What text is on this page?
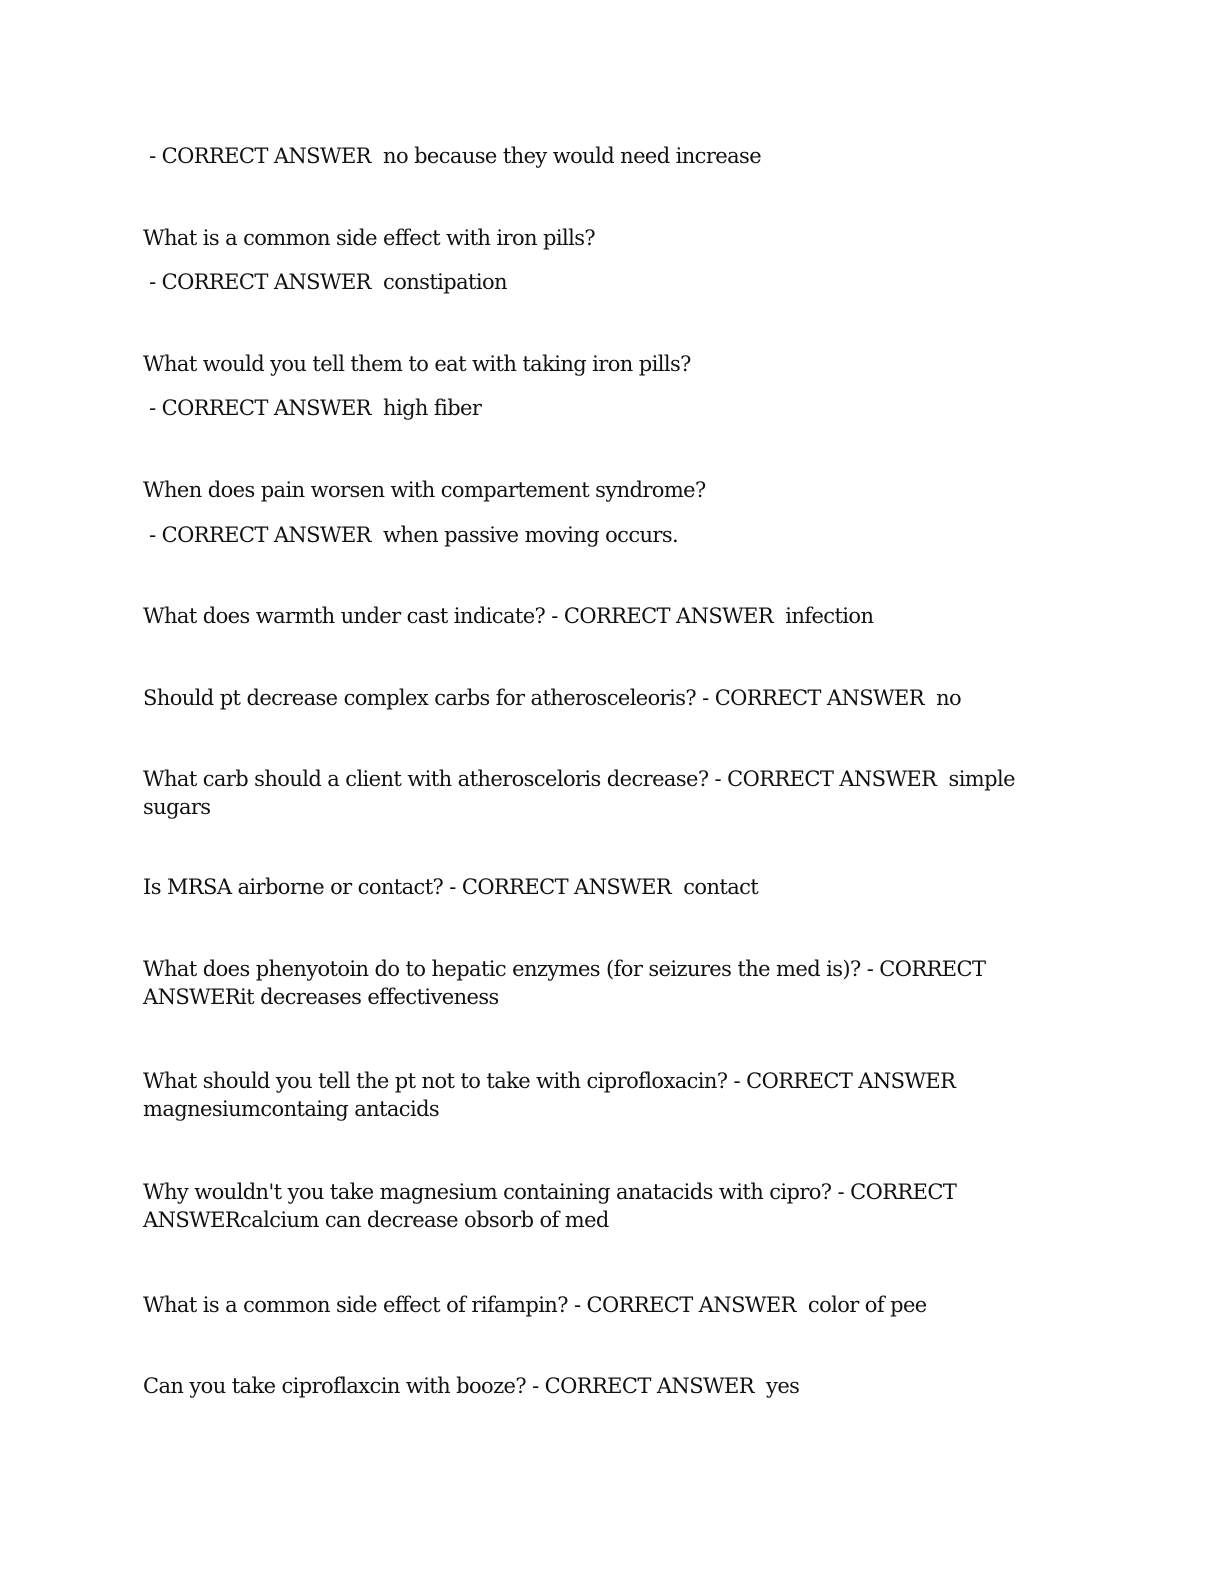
- CORRECT ANSWER  no because they would need increase
What is a common side effect with iron pills?
- CORRECT ANSWER  constipation
What would you tell them to eat with taking iron pills?
- CORRECT ANSWER  high fiber
When does pain worsen with compartement syndrome?
- CORRECT ANSWER  when passive moving occurs.
What does warmth under cast indicate? - CORRECT ANSWER  infection
Should pt decrease complex carbs for atherosceleoris? - CORRECT ANSWER  no
What carb should a client with atherosceloris decrease? - CORRECT ANSWER  simple
sugars
Is MRSA airborne or contact? - CORRECT ANSWER  contact
What does phenyotoin do to hepatic enzymes (for seizures the med is)? - CORRECT
ANSWERit decreases effectiveness
What should you tell the pt not to take with ciprofloxacin? - CORRECT ANSWER
magnesiumcontaing antacids
Why wouldn't you take magnesium containing anatacids with cipro? - CORRECT
ANSWERcalcium can decrease obsorb of med
What is a common side effect of rifampin? - CORRECT ANSWER  color of pee
Can you take ciproflaxcin with booze? - CORRECT ANSWER  yes
